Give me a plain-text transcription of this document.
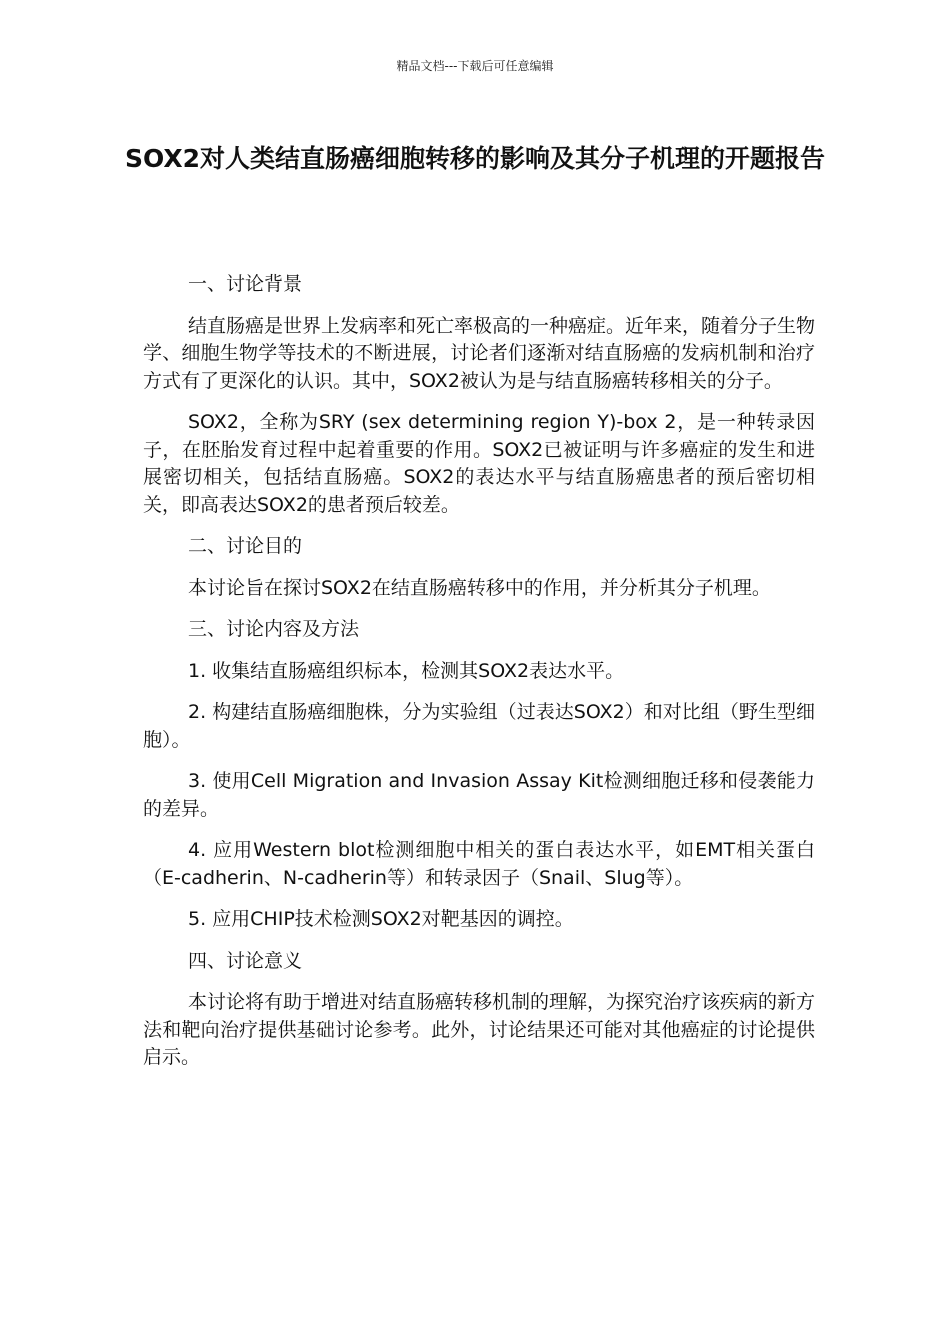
精品文档---下载后可任意编辑
SOX2对人类结直肠癌细胞转移的影响及其分子机理的开题报告

一、讨论背景

结直肠癌是世界上发病率和死亡率极高的一种癌症。近年来，随着分子生物学、细胞生物学等技术的不断进展，讨论者们逐渐对结直肠癌的发病机制和治疗方式有了更深化的认识。其中，SOX2被认为是与结直肠癌转移相关的分子。

SOX2，全称为SRY (sex determining region Y)-box 2，是一种转录因子，在胚胎发育过程中起着重要的作用。SOX2已被证明与许多癌症的发生和进展密切相关，包括结直肠癌。SOX2的表达水平与结直肠癌患者的预后密切相关，即高表达SOX2的患者预后较差。

二、讨论目的

本讨论旨在探讨SOX2在结直肠癌转移中的作用，并分析其分子机理。

三、讨论内容及方法

1. 收集结直肠癌组织标本，检测其SOX2表达水平。

2. 构建结直肠癌细胞株，分为实验组（过表达SOX2）和对比组（野生型细胞）。

3. 使用Cell Migration and Invasion Assay Kit检测细胞迁移和侵袭能力的差异。

4. 应用Western blot检测细胞中相关的蛋白表达水平，如EMT相关蛋白（E-cadherin、N-cadherin等）和转录因子（Snail、Slug等）。

5. 应用CHIP技术检测SOX2对靶基因的调控。

四、讨论意义

本讨论将有助于增进对结直肠癌转移机制的理解，为探究治疗该疾病的新方法和靶向治疗提供基础讨论参考。此外，讨论结果还可能对其他癌症的讨论提供启示。
